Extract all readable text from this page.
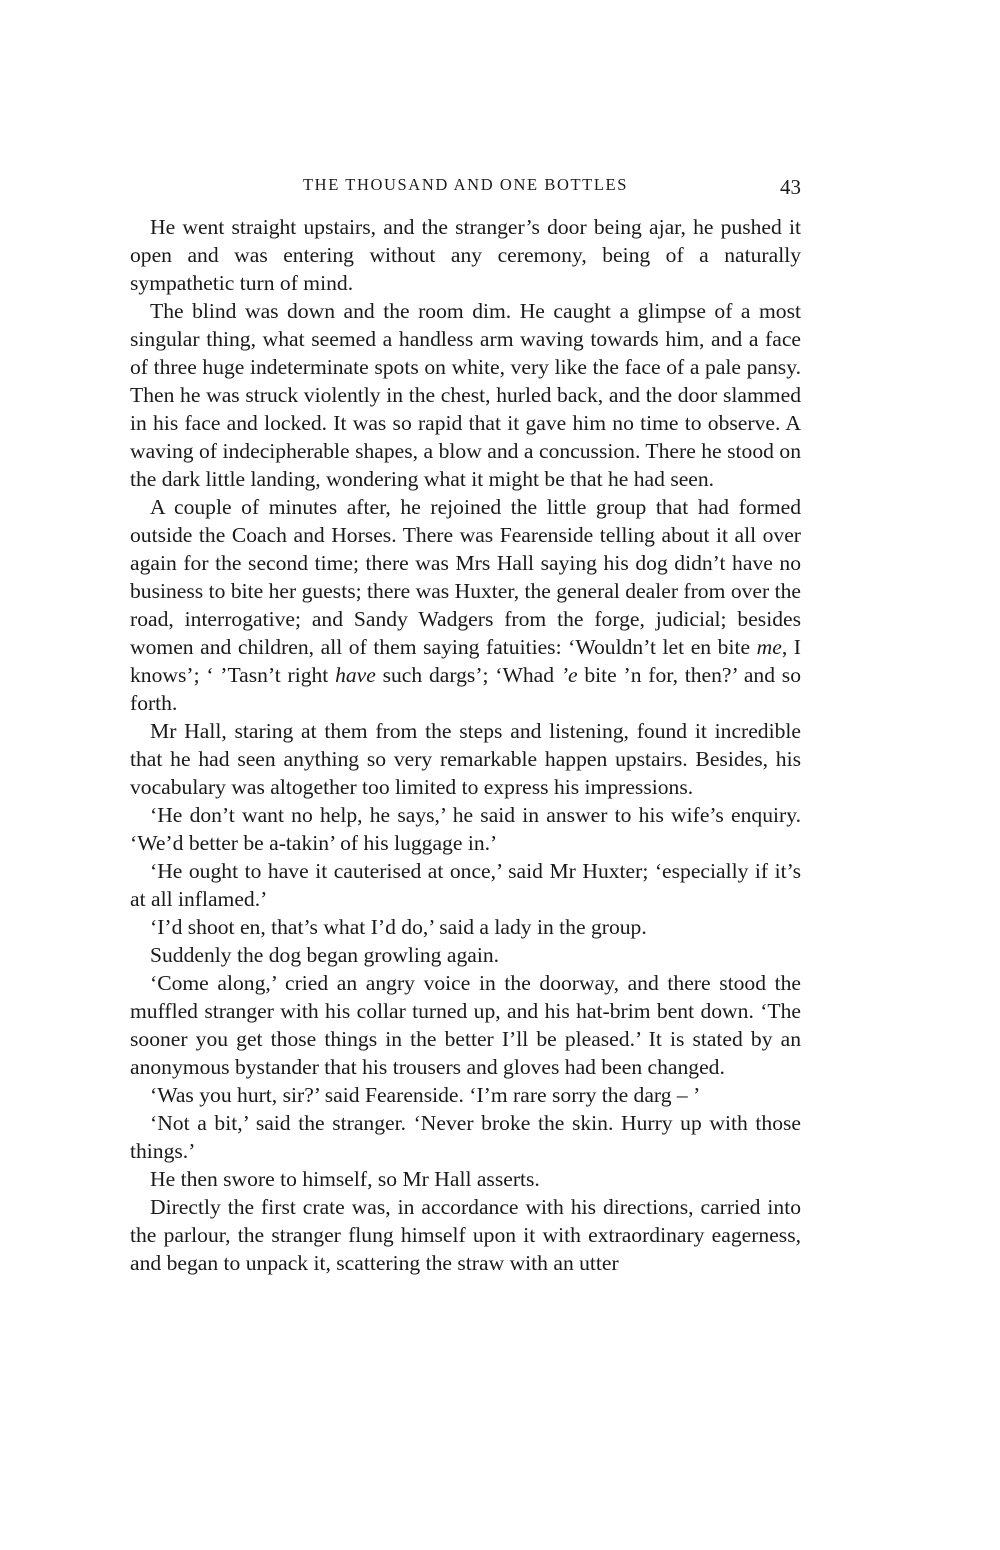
THE THOUSAND AND ONE BOTTLES	43

He went straight upstairs, and the stranger’s door being ajar, he pushed it open and was entering without any ceremony, being of a naturally sympathetic turn of mind.

The blind was down and the room dim. He caught a glimpse of a most singular thing, what seemed a handless arm waving towards him, and a face of three huge indeterminate spots on white, very like the face of a pale pansy. Then he was struck violently in the chest, hurled back, and the door slammed in his face and locked. It was so rapid that it gave him no time to observe. A waving of indecipherable shapes, a blow and a concussion. There he stood on the dark little landing, wondering what it might be that he had seen.

A couple of minutes after, he rejoined the little group that had formed outside the Coach and Horses. There was Fearenside telling about it all over again for the second time; there was Mrs Hall saying his dog didn’t have no business to bite her guests; there was Huxter, the general dealer from over the road, interrogative; and Sandy Wadgers from the forge, judicial; besides women and children, all of them saying fatuities: ‘Wouldn’t let en bite me, I knows’; ‘ ’Tasn’t right have such dargs’; ‘Whad ’e bite ’n for, then?’ and so forth.

Mr Hall, staring at them from the steps and listening, found it incredible that he had seen anything so very remarkable happen upstairs. Besides, his vocabulary was altogether too limited to express his impressions.

‘He don’t want no help, he says,’ he said in answer to his wife’s enquiry. ‘We’d better be a-takin’ of his luggage in.’

‘He ought to have it cauterised at once,’ said Mr Huxter; ‘especially if it’s at all inflamed.’

‘I’d shoot en, that’s what I’d do,’ said a lady in the group.

Suddenly the dog began growling again.

‘Come along,’ cried an angry voice in the doorway, and there stood the muffled stranger with his collar turned up, and his hat-brim bent down. ‘The sooner you get those things in the better I’ll be pleased.’ It is stated by an anonymous bystander that his trousers and gloves had been changed.

‘Was you hurt, sir?’ said Fearenside. ‘I’m rare sorry the darg – ’

‘Not a bit,’ said the stranger. ‘Never broke the skin. Hurry up with those things.’

He then swore to himself, so Mr Hall asserts.

Directly the first crate was, in accordance with his directions, carried into the parlour, the stranger flung himself upon it with extraordinary eagerness, and began to unpack it, scattering the straw with an utter
